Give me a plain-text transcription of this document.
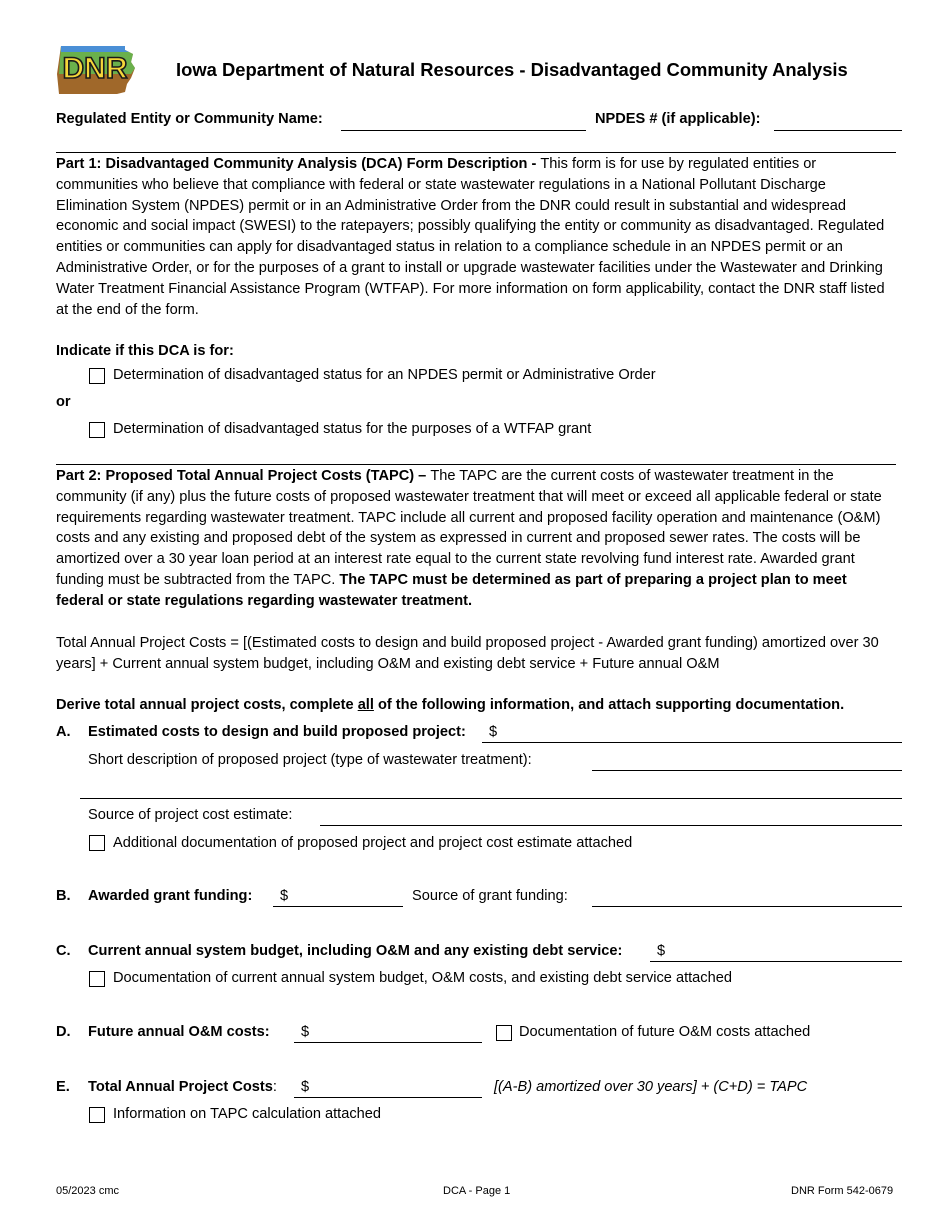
DNR	Iowa Department of Natural Resources - Disadvantaged Community Analysis
Regulated Entity or Community Name:	NPDES # (if applicable):
Part 1: Disadvantaged Community Analysis (DCA) Form Description - This form is for use by regulated entities or communities who believe that compliance with federal or state wastewater regulations in a National Pollutant Discharge Elimination System (NPDES) permit or in an Administrative Order from the DNR could result in substantial and widespread economic and social impact (SWESI) to the ratepayers; possibly qualifying the entity or community as disadvantaged. Regulated entities or communities can apply for disadvantaged status in relation to a compliance schedule in an NPDES permit or an Administrative Order, or for the purposes of a grant to install or upgrade wastewater facilities under the Wastewater and Drinking Water Treatment Financial Assistance Program (WTFAP). For more information on form applicability, contact the DNR staff listed at the end of the form.
Indicate if this DCA is for:
Determination of disadvantaged status for an NPDES permit or Administrative Order
or
Determination of disadvantaged status for the purposes of a WTFAP grant
Part 2: Proposed Total Annual Project Costs (TAPC) – The TAPC are the current costs of wastewater treatment in the community (if any) plus the future costs of proposed wastewater treatment that will meet or exceed all applicable federal or state requirements regarding wastewater treatment. TAPC include all current and proposed facility operation and maintenance (O&M) costs and any existing and proposed debt of the system as expressed in current and proposed sewer rates. The costs will be amortized over a 30 year loan period at an interest rate equal to the current state revolving fund interest rate. Awarded grant funding must be subtracted from the TAPC. The TAPC must be determined as part of preparing a project plan to meet federal or state regulations regarding wastewater treatment.
Total Annual Project Costs = [(Estimated costs to design and build proposed project - Awarded grant funding) amortized over 30 years] + Current annual system budget, including O&M and existing debt service + Future annual O&M
Derive total annual project costs, complete all of the following information, and attach supporting documentation.
A. Estimated costs to design and build proposed project: $
Short description of proposed project (type of wastewater treatment):
Source of project cost estimate:
Additional documentation of proposed project and project cost estimate attached
B. Awarded grant funding: $	Source of grant funding:
C. Current annual system budget, including O&M and any existing debt service: $
Documentation of current annual system budget, O&M costs, and existing debt service attached
D. Future annual O&M costs: $	Documentation of future O&M costs attached
E. Total Annual Project Costs: $	[(A-B) amortized over 30 years] + (C+D) = TAPC
Information on TAPC calculation attached
05/2023 cmc	DCA - Page 1	DNR Form 542-0679
